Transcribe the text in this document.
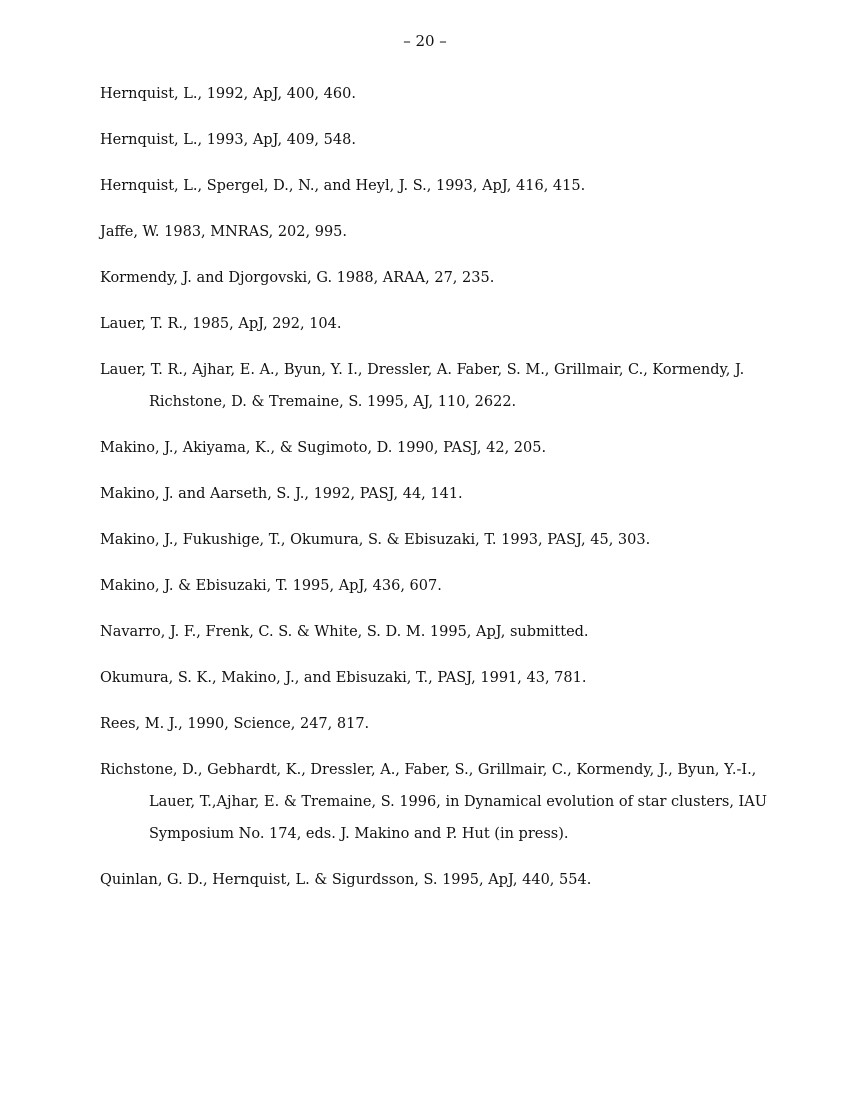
– 20 –
Hernquist, L., 1992, ApJ, 400, 460.
Hernquist, L., 1993, ApJ, 409, 548.
Hernquist, L., Spergel, D., N., and Heyl, J. S., 1993, ApJ, 416, 415.
Jaffe, W. 1983, MNRAS, 202, 995.
Kormendy, J. and Djorgovski, G. 1988, ARAA, 27, 235.
Lauer, T. R., 1985, ApJ, 292, 104.
Lauer, T. R., Ajhar, E. A., Byun, Y. I., Dressler, A. Faber, S. M., Grillmair, C., Kormendy, J. Richstone, D. & Tremaine, S. 1995, AJ, 110, 2622.
Makino, J., Akiyama, K., & Sugimoto, D. 1990, PASJ, 42, 205.
Makino, J. and Aarseth, S. J., 1992, PASJ, 44, 141.
Makino, J., Fukushige, T., Okumura, S. & Ebisuzaki, T. 1993, PASJ, 45, 303.
Makino, J. & Ebisuzaki, T. 1995, ApJ, 436, 607.
Navarro, J. F., Frenk, C. S. & White, S. D. M. 1995, ApJ, submitted.
Okumura, S. K., Makino, J., and Ebisuzaki, T., PASJ, 1991, 43, 781.
Rees, M. J., 1990, Science, 247, 817.
Richstone, D., Gebhardt, K., Dressler, A., Faber, S., Grillmair, C., Kormendy, J., Byun, Y.-I., Lauer, T.,Ajhar, E. & Tremaine, S. 1996, in Dynamical evolution of star clusters, IAU Symposium No. 174, eds. J. Makino and P. Hut (in press).
Quinlan, G. D., Hernquist, L. & Sigurdsson, S. 1995, ApJ, 440, 554.
